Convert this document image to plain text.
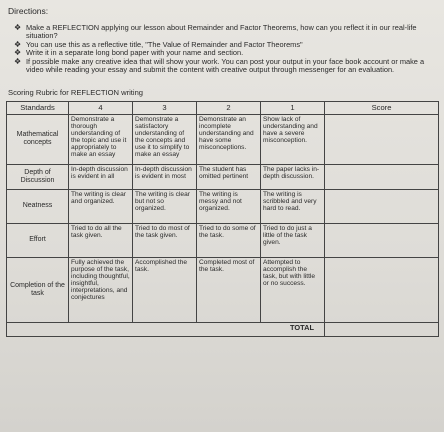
Directions:
❖ Make a REFLECTION applying our lesson about Remainder and Factor Theorems, how can you reflect it in our real-life situation?
❖ You can use this as a reflective title, "The Value of Remainder and Factor Theorems"
❖ Write it in a separate long bond paper with your name and section.
❖ If possible make any creative idea that will show your work. You can post your output in your face book account or make a video while reading your essay and submit the content with creative output through messenger for an evaluation.
Scoring Rubric for REFLECTION writing
Standards	4	3	2	1	Score
Mathematical concepts	Demonstrate a thorough understanding of the topic and use it appropriately to make an essay	Demonstrate a satisfactory understanding of the concepts and use it to simplify to make an essay	Demonstrate an incomplete understanding and have some misconceptions.	Show lack of understanding and have a severe misconception.	
Depth of Discussion	In-depth discussion is evident in all	In-depth discussion is evident in most	The student has omitted pertinent	The paper lacks in-depth discussion.	
Neatness	The writing is clear and organized.	The writing is clear but not so organized.	The writing is messy and not organized.	The writing is scribbled and very hard to read.	
Effort	Tried to do all the task given.	Tried to do most of the task given.	Tried to do some of the task.	Tried to do just a little of the task given.	
Completion of the task	Fully achieved the purpose of the task, including thoughtful, insightful, interpretations, and conjectures	Accomplished the task.	Completed most of the task.	Attempted to accomplish the task, but with little or no success.	
TOTAL					
